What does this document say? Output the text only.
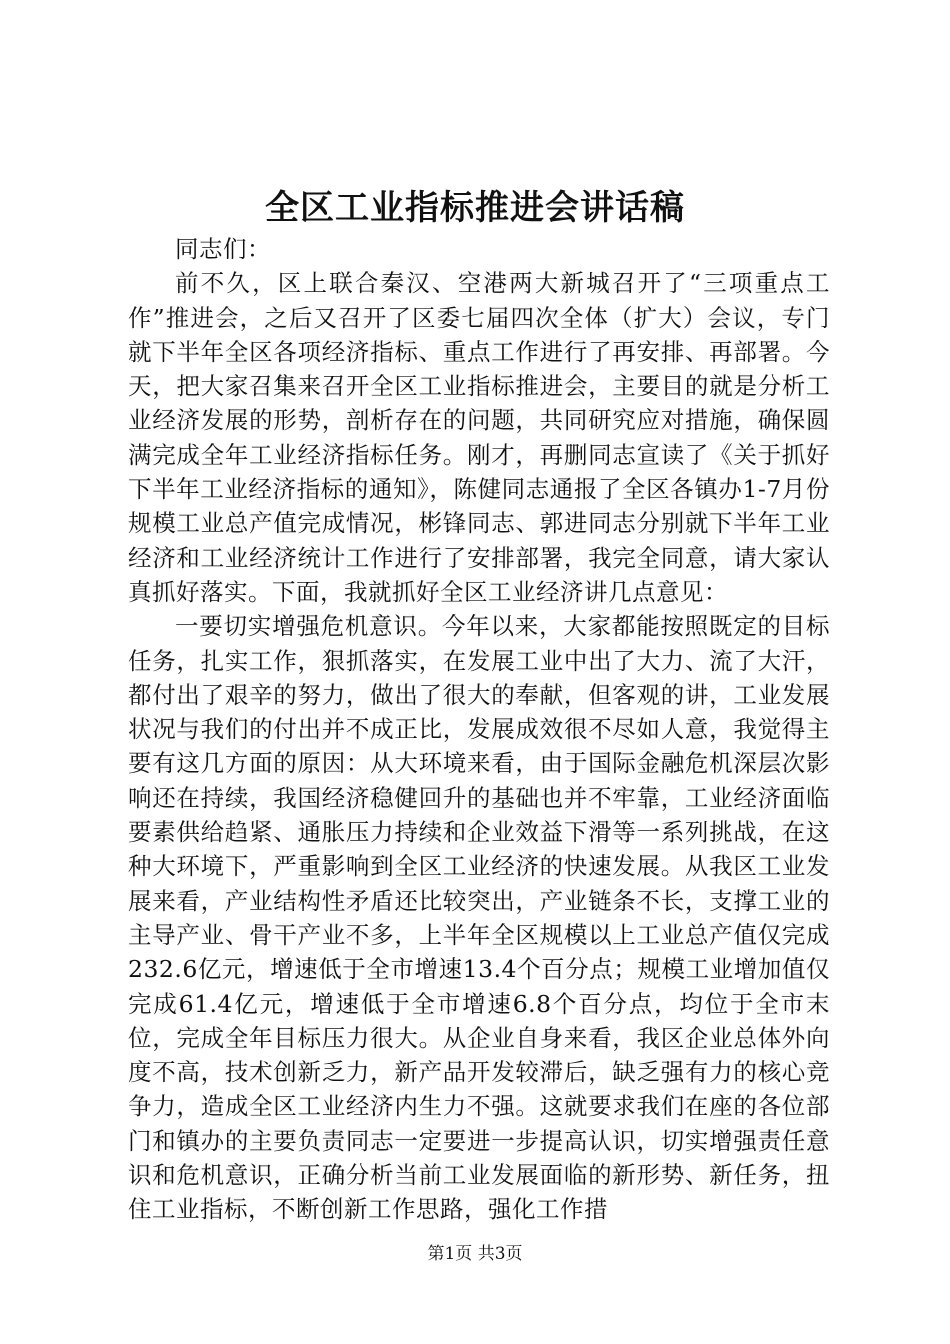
全区工业指标推进会讲话稿

同志们：

前不久，区上联合秦汉、空港两大新城召开了“三项重点工作”推进会，之后又召开了区委七届四次全体（扩大）会议，专门就下半年全区各项经济指标、重点工作进行了再安排、再部署。今天，把大家召集来召开全区工业指标推进会，主要目的就是分析工业经济发展的形势，剖析存在的问题，共同研究应对措施，确保圆满完成全年工业经济指标任务。刚才，再删同志宣读了《关于抓好下半年工业经济指标的通知》，陈健同志通报了全区各镇办1-7月份规模工业总产值完成情况，彬锋同志、郭进同志分别就下半年工业经济和工业经济统计工作进行了安排部署，我完全同意，请大家认真抓好落实。下面，我就抓好全区工业经济讲几点意见：

一要切实增强危机意识。今年以来，大家都能按照既定的目标任务，扎实工作，狠抓落实，在发展工业中出了大力、流了大汗，都付出了艰辛的努力，做出了很大的奉献，但客观的讲，工业发展状况与我们的付出并不成正比，发展成效很不尽如人意，我觉得主要有这几方面的原因：从大环境来看，由于国际金融危机深层次影响还在持续，我国经济稳健回升的基础也并不牢靠，工业经济面临要素供给趋紧、通胀压力持续和企业效益下滑等一系列挑战，在这种大环境下，严重影响到全区工业经济的快速发展。从我区工业发展来看，产业结构性矛盾还比较突出，产业链条不长，支撑工业的主导产业、骨干产业不多，上半年全区规模以上工业总产值仅完成232.6亿元，增速低于全市增速13.4个百分点；规模工业增加值仅完成61.4亿元，增速低于全市增速6.8个百分点，均位于全市末位，完成全年目标压力很大。从企业自身来看，我区企业总体外向度不高，技术创新乏力，新产品开发较滞后，缺乏强有力的核心竞争力，造成全区工业经济内生力不强。这就要求我们在座的各位部门和镇办的主要负责同志一定要进一步提高认识，切实增强责任意识和危机意识，正确分析当前工业发展面临的新形势、新任务，扭住工业指标，不断创新工作思路，强化工作措

第1页 共3页
